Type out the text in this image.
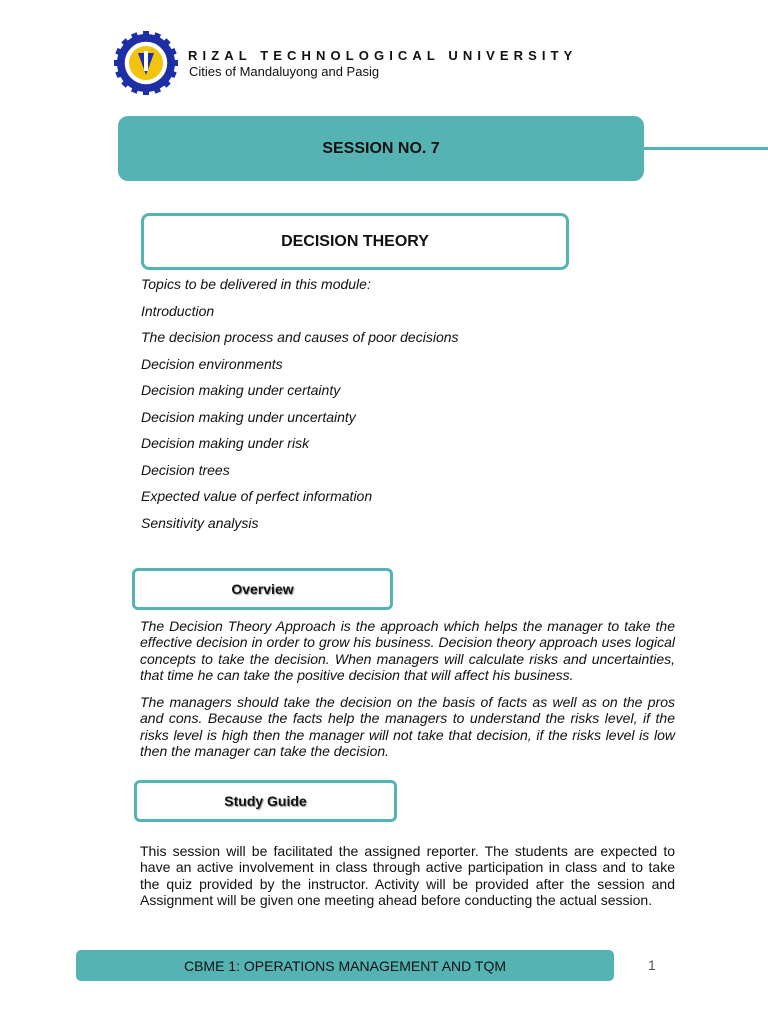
RIZAL TECHNOLOGICAL UNIVERSITY
Cities of Mandaluyong and Pasig
SESSION NO. 7
DECISION THEORY
Topics to be delivered in this module:
Introduction
The decision process and causes of poor decisions
Decision environments
Decision making under certainty
Decision making under uncertainty
Decision making under risk
Decision trees
Expected value of perfect information
Sensitivity analysis
Overview

The Decision Theory Approach is the approach which helps the manager to take the effective decision in order to grow his business. Decision theory approach uses logical concepts to take the decision. When managers will calculate risks and uncertainties, that time he can take the positive decision that will affect his business.

The managers should take the decision on the basis of facts as well as on the pros and cons. Because the facts help the managers to understand the risks level, if the risks level is high then the manager will not take that decision, if the risks level is low then the manager can take the decision.

Study Guide

This session will be facilitated the assigned reporter. The students are expected to have an active involvement in class through active participation in class and to take the quiz provided by the instructor. Activity will be provided after the session and Assignment will be given one meeting ahead before conducting the actual session.

CBME 1: OPERATIONS MANAGEMENT AND TQM	1
